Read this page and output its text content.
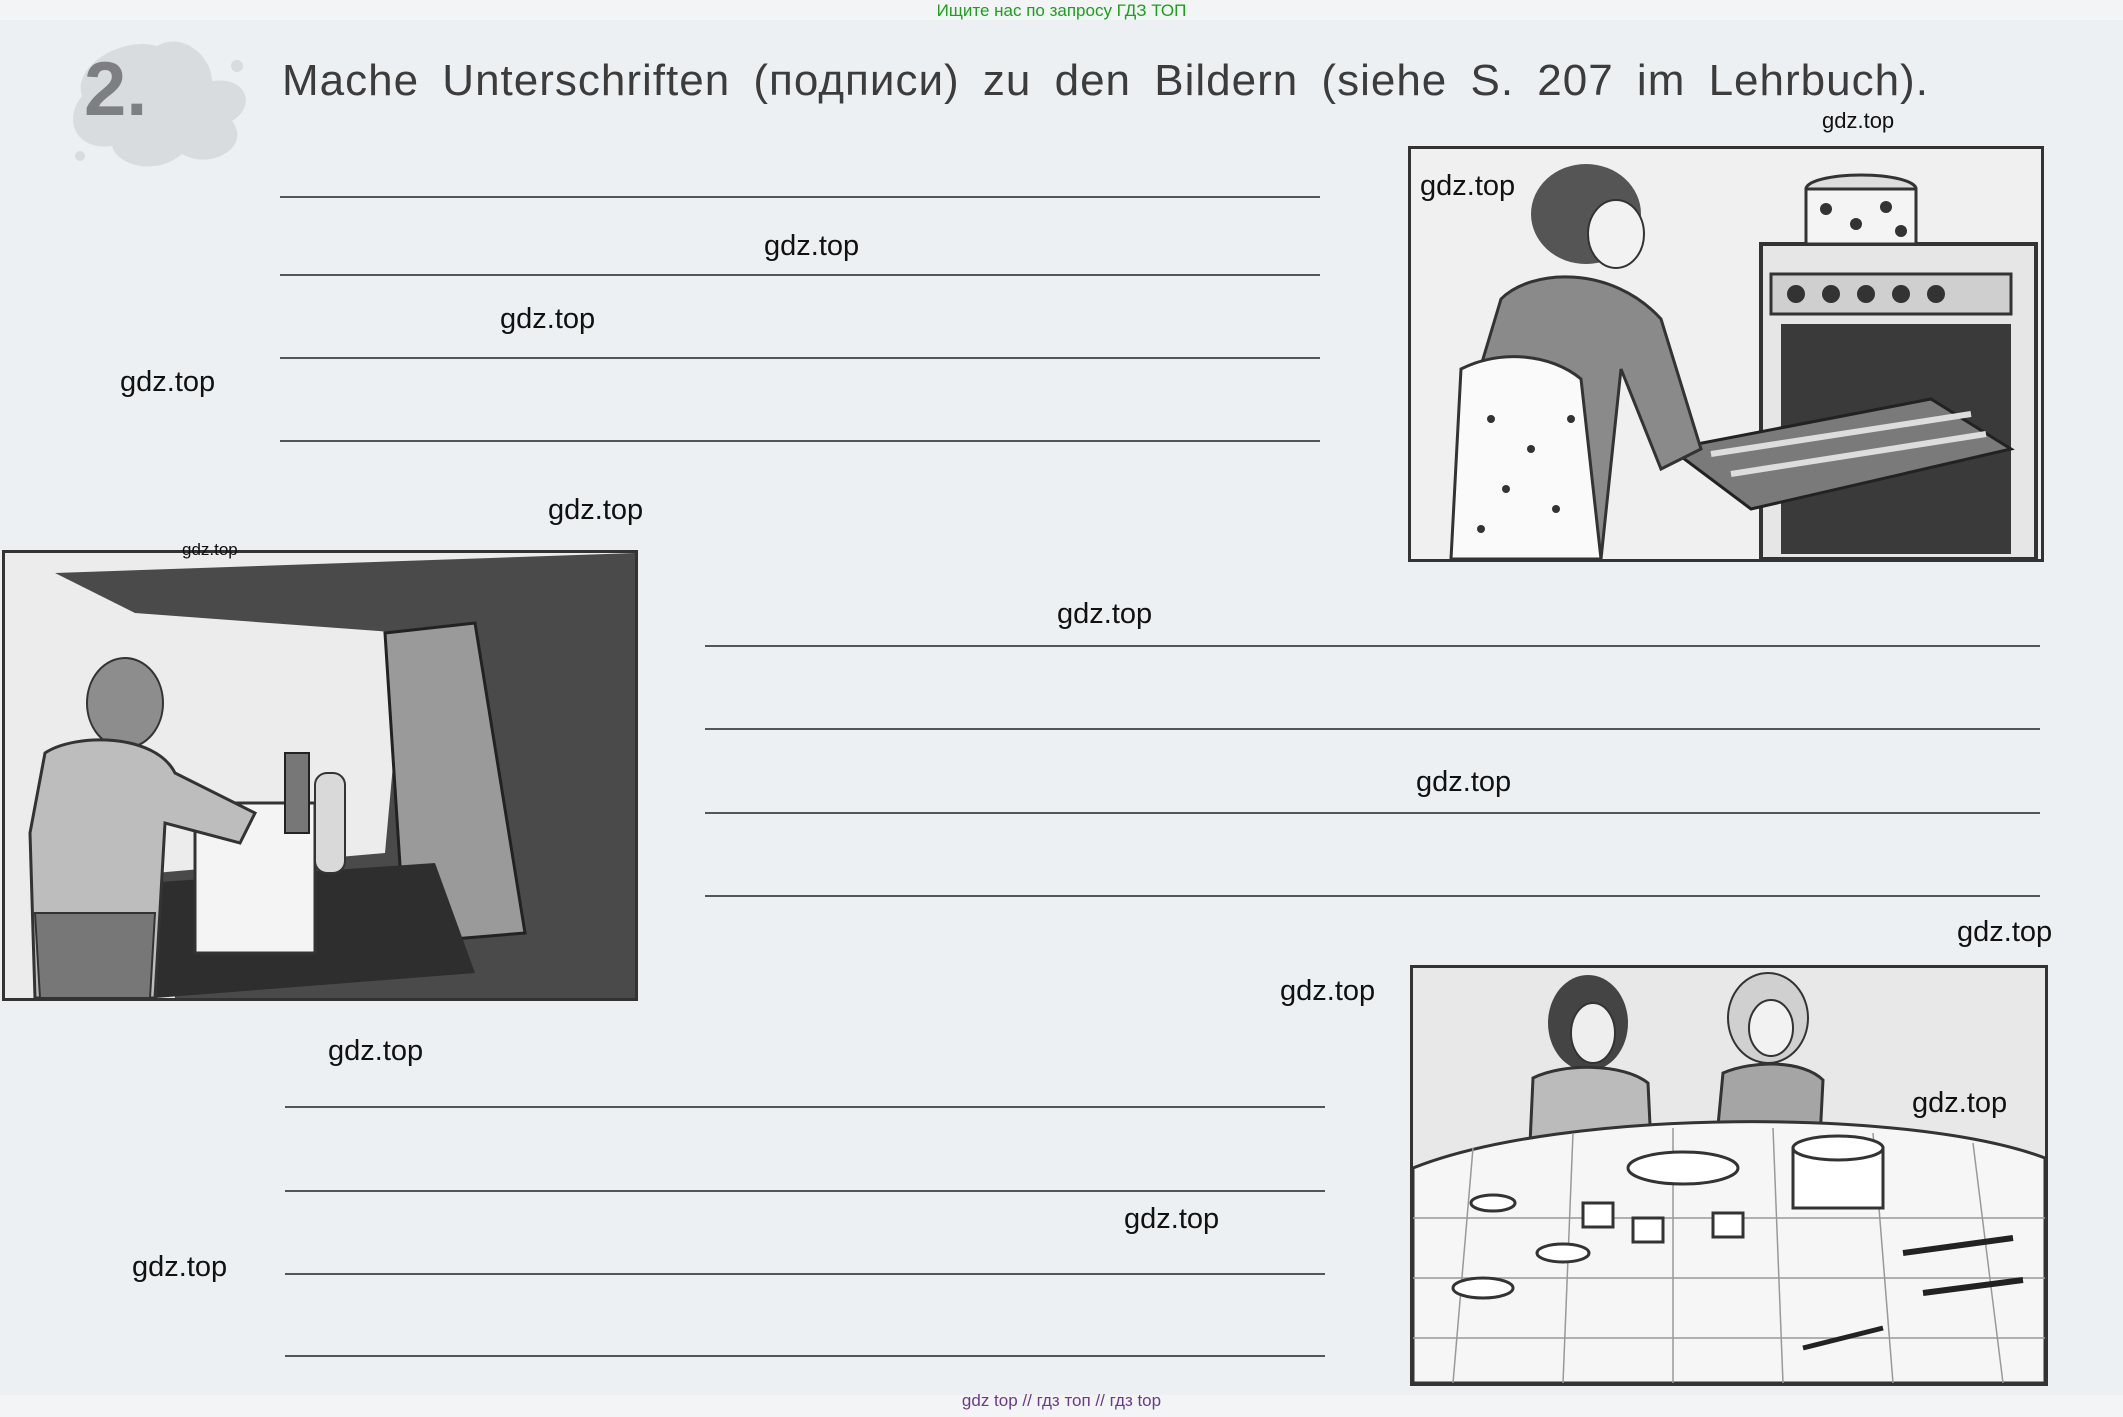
Ищите нас по запросу ГДЗ ТОП
2.	Mache Unterschriften (подписи) zu den Bildern (siehe S. 207 im Lehrbuch).
gdz.top
gdz.top
gdz.top
gdz.top
gdz.top
gdz.top
gdz.top
gdz.top
gdz.top
gdz.top
gdz.top
gdz.top
gdz.top
gdz.top
gdz.top
gdz top // гдз топ // гдз top
